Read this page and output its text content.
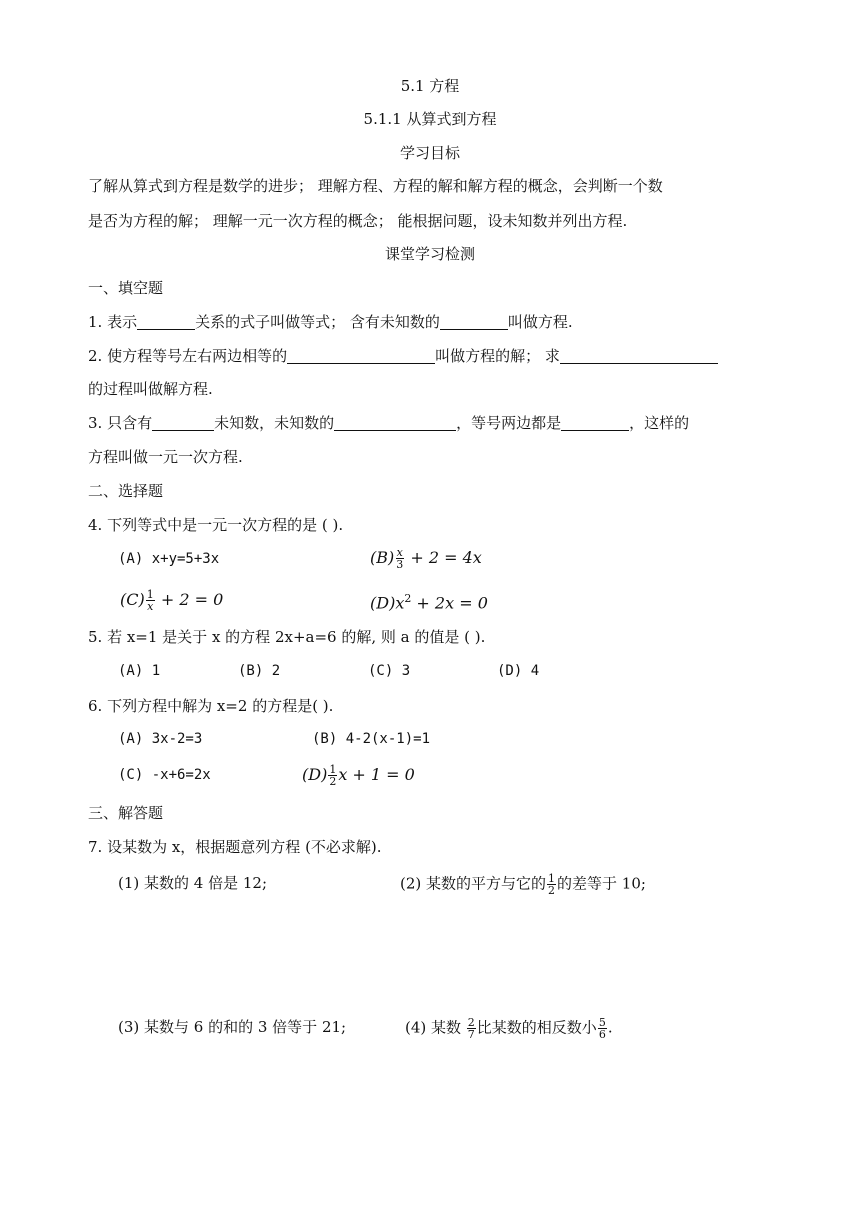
5.1 方程
5.1.1 从算式到方程
学习目标
了解从算式到方程是数学的进步； 理解方程、方程的解和解方程的概念，会判断一个数
是否为方程的解； 理解一元一次方程的概念； 能根据问题，设未知数并列出方程.
课堂学习检测
一、填空题
1. 表示	关系的式子叫做等式； 含有未知数的	叫做方程.
2. 使方程等号左右两边相等的	叫做方程的解； 求
的过程叫做解方程.
3. 只含有	未知数，未知数的	，等号两边都是	，这样的
方程叫做一元一次方程.
二、选择题
4. 下列等式中是一元一次方程的是 ( ).
(A) x+y=5+3x	$(B) \frac{x}{3} + 2 = 4x$
$(C) \frac{1}{x} + 2 = 0$	$(D)x^2 + 2x = 0$
5. 若 x=1 是关于 x 的方程 2x+a=6 的解, 则 a 的值是 ( ).
(A) 1	(B) 2	(C) 3	(D) 4
6. 下列方程中解为 x=2 的方程是( ).
(A) 3x-2=3	(B) 4-2(x-1)=1
(C) -x+6=2x	$(D) \frac{1}{2}$ x + 1 = 0
三、解答题
7. 设某数为 x，根据题意列方程 (不必求解).
(1) 某数的 4 倍是 12;	(2) 某数的平方与它的 $\frac{1}{2}$ 的差等于 10;
(3) 某数与 6 的和的 3 倍等于 21;	(4) 某数 $\frac{2}{7}$ 比某数的相反数小 $\frac{5}{6}$ .
